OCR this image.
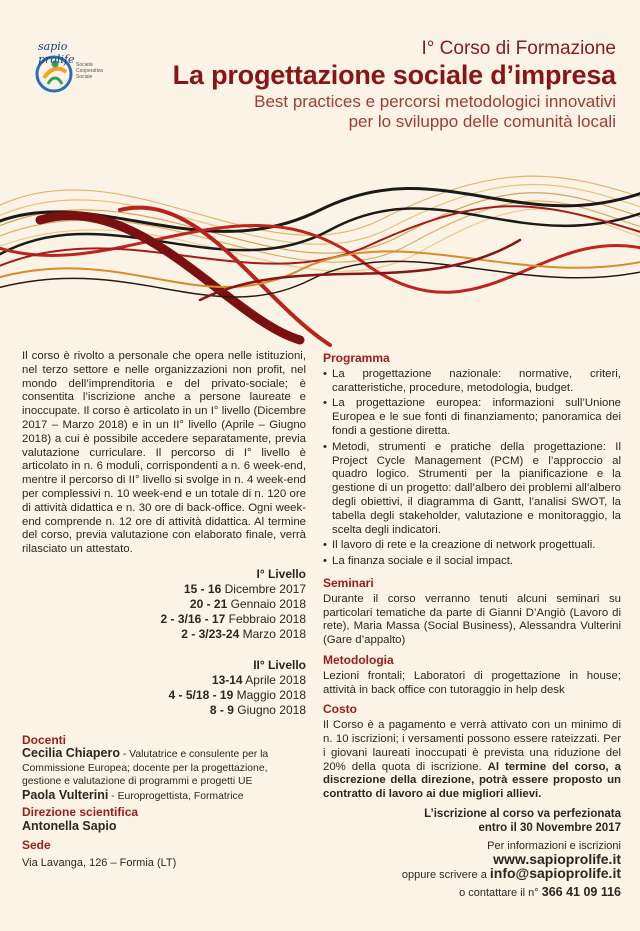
sapio prolife Società Cooperativa Sociale
I° Corso di Formazione
La progettazione sociale d’impresa
Best practices e percorsi metodologici innovativi
per lo sviluppo delle comunità locali

Il corso è rivolto a personale che opera nelle istituzioni, nel terzo settore e nelle organizzazioni non profit, nel mondo dell’imprenditoria e del privato-sociale; è consentita l’iscrizione anche a persone laureate e inoccupate. Il corso è articolato in un I° livello (Dicembre 2017 – Marzo 2018) e in un II° livello (Aprile – Giugno 2018) a cui è possibile accedere separatamente, previa valutazione curriculare. Il percorso di I° livello è articolato in n. 6 moduli, corrispondenti a n. 6 week-end, mentre il percorso di II° livello si svolge in n. 4 week-end per complessivi n. 10 week-end e un totale di n. 120 ore di attività didattica e n. 30 ore di back-office. Ogni week-end comprende n. 12 ore di attività didattica. Al termine del corso, previa valutazione con elaborato finale, verrà rilasciato un attestato.

I° Livello
15 - 16 Dicembre 2017
20 - 21 Gennaio 2018
2 - 3/16 - 17 Febbraio 2018
2 - 3/23-24 Marzo 2018
II° Livello
13-14 Aprile 2018
4 - 5/18 - 19 Maggio 2018
8 - 9 Giugno 2018

Docenti

Cecilia Chiapero - Valutatrice e consulente per la Commissione Europea; docente per la progettazione, gestione e valutazione di programmi e progetti UE
Paola Vulterini - Europrogettista, Formatrice

Direzione scientifica

Antonella Sapio

Sede

Via Lavanga, 126 – Formia (LT)

Programma

• La progettazione nazionale: normative, criteri, caratteristiche, procedure, metodologia, budget.
• La progettazione europea: informazioni sull’Unione Europea e le sue fonti di finanziamento; panoramica dei fondi a gestione diretta.
• Metodi, strumenti e pratiche della progettazione: Il Project Cycle Management (PCM) e l’approccio al quadro logico. Strumenti per la pianificazione e la gestione di un progetto: dall’albero dei problemi all’albero degli obiettivi, il diagramma di Gantt, l’analisi SWOT, la tabella degli stakeholder, valutazione e monitoraggio, la scelta degli indicatori.
• Il lavoro di rete e la creazione di network progettuali.
• La finanza sociale e il social impact.

Seminari

Durante il corso verranno tenuti alcuni seminari su particolari tematiche da parte di Gianni D’Angiò (Lavoro di rete), Maria Massa (Social Business), Alessandra Vulterini (Gare d’appalto)

Metodologia

Lezioni frontali; Laboratori di progettazione in house; attività in back office con tutoraggio in help desk

Costo

Il Corso è a pagamento e verrà attivato con un minimo di n. 10 iscrizioni; i versamenti possono essere rateizzati. Per i giovani laureati inoccupati è prevista una riduzione del 20% della quota di iscrizione. Al termine del corso, a discrezione della direzione, potrà essere proposto un contratto di lavoro ai due migliori allievi.

L’iscrizione al corso va perfezionata
entro il 30 Novembre 2017
Per informazioni e iscrizioni
www.sapioprolife.it
oppure scrivere a info@sapioprolife.it
o contattare il n° 366 41 09 116
